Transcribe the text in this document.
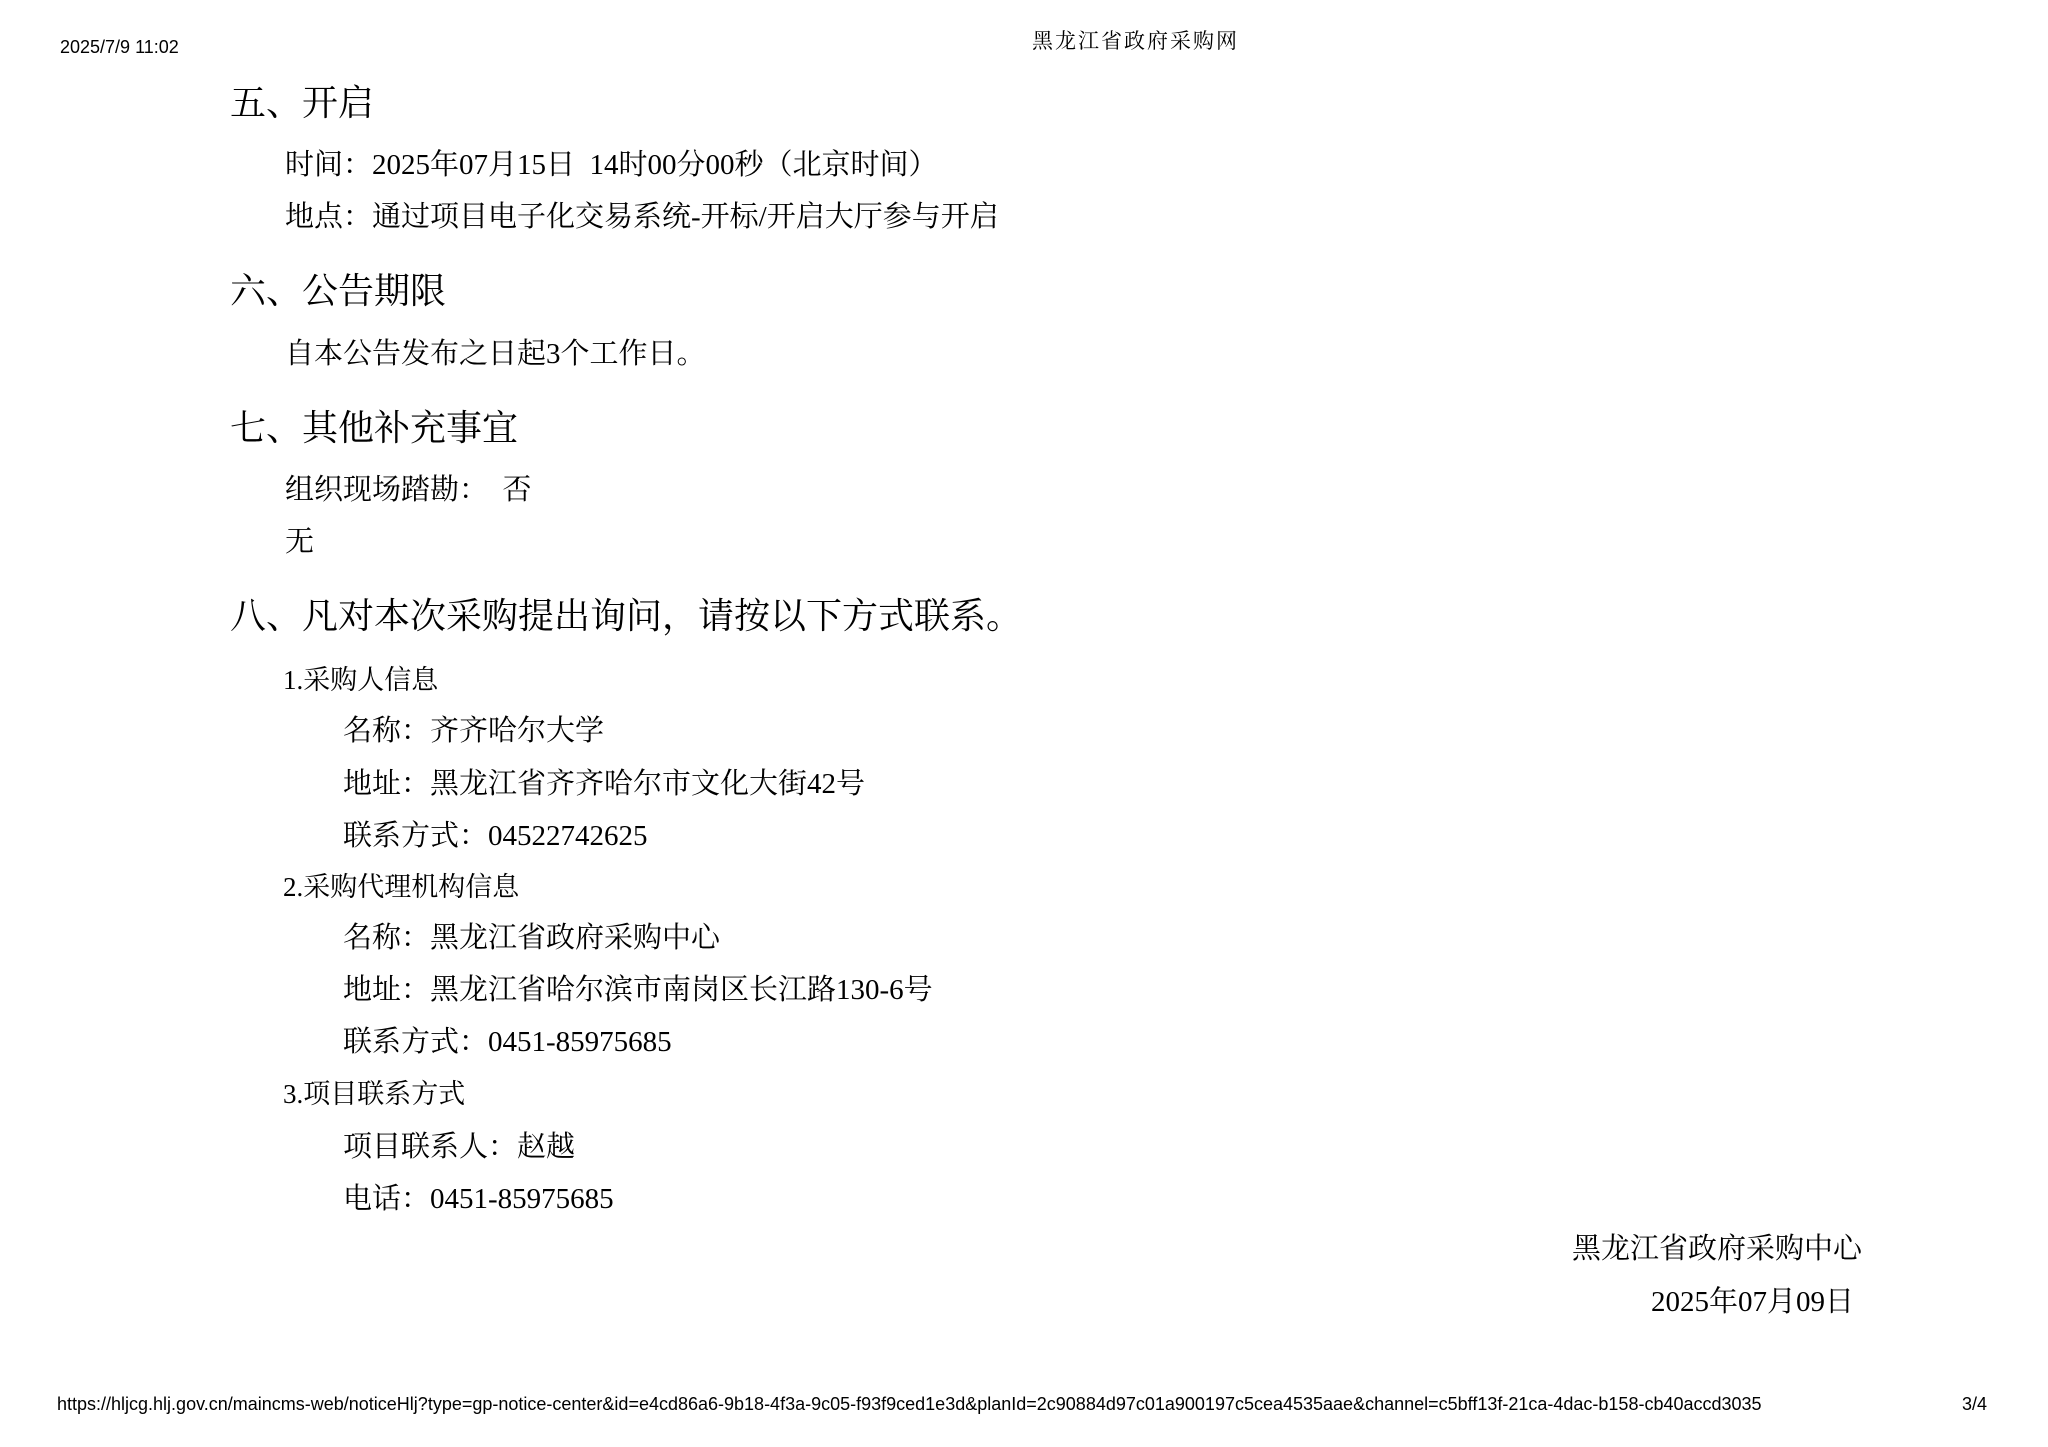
2025/7/9 11:02	黑龙江省政府采购网
五、开启
时间：2025年07月15日  14时00分00秒（北京时间）
地点：通过项目电子化交易系统-开标/开启大厅参与开启
六、公告期限
自本公告发布之日起3个工作日。
七、其他补充事宜
组织现场踏勘：　否
无
八、凡对本次采购提出询问，请按以下方式联系。
1.采购人信息
名称：齐齐哈尔大学
地址：黑龙江省齐齐哈尔市文化大街42号
联系方式：04522742625
2.采购代理机构信息
名称：黑龙江省政府采购中心
地址：黑龙江省哈尔滨市南岗区长江路130-6号
联系方式：0451-85975685
3.项目联系方式
项目联系人：赵越
电话：0451-85975685
黑龙江省政府采购中心
2025年07月09日
https://hljcg.hlj.gov.cn/maincms-web/noticeHlj?type=gp-notice-center&id=e4cd86a6-9b18-4f3a-9c05-f93f9ced1e3d&planId=2c90884d97c01a900197c5cea4535aae&channel=c5bff13f-21ca-4dac-b158-cb40accd3035	3/4
